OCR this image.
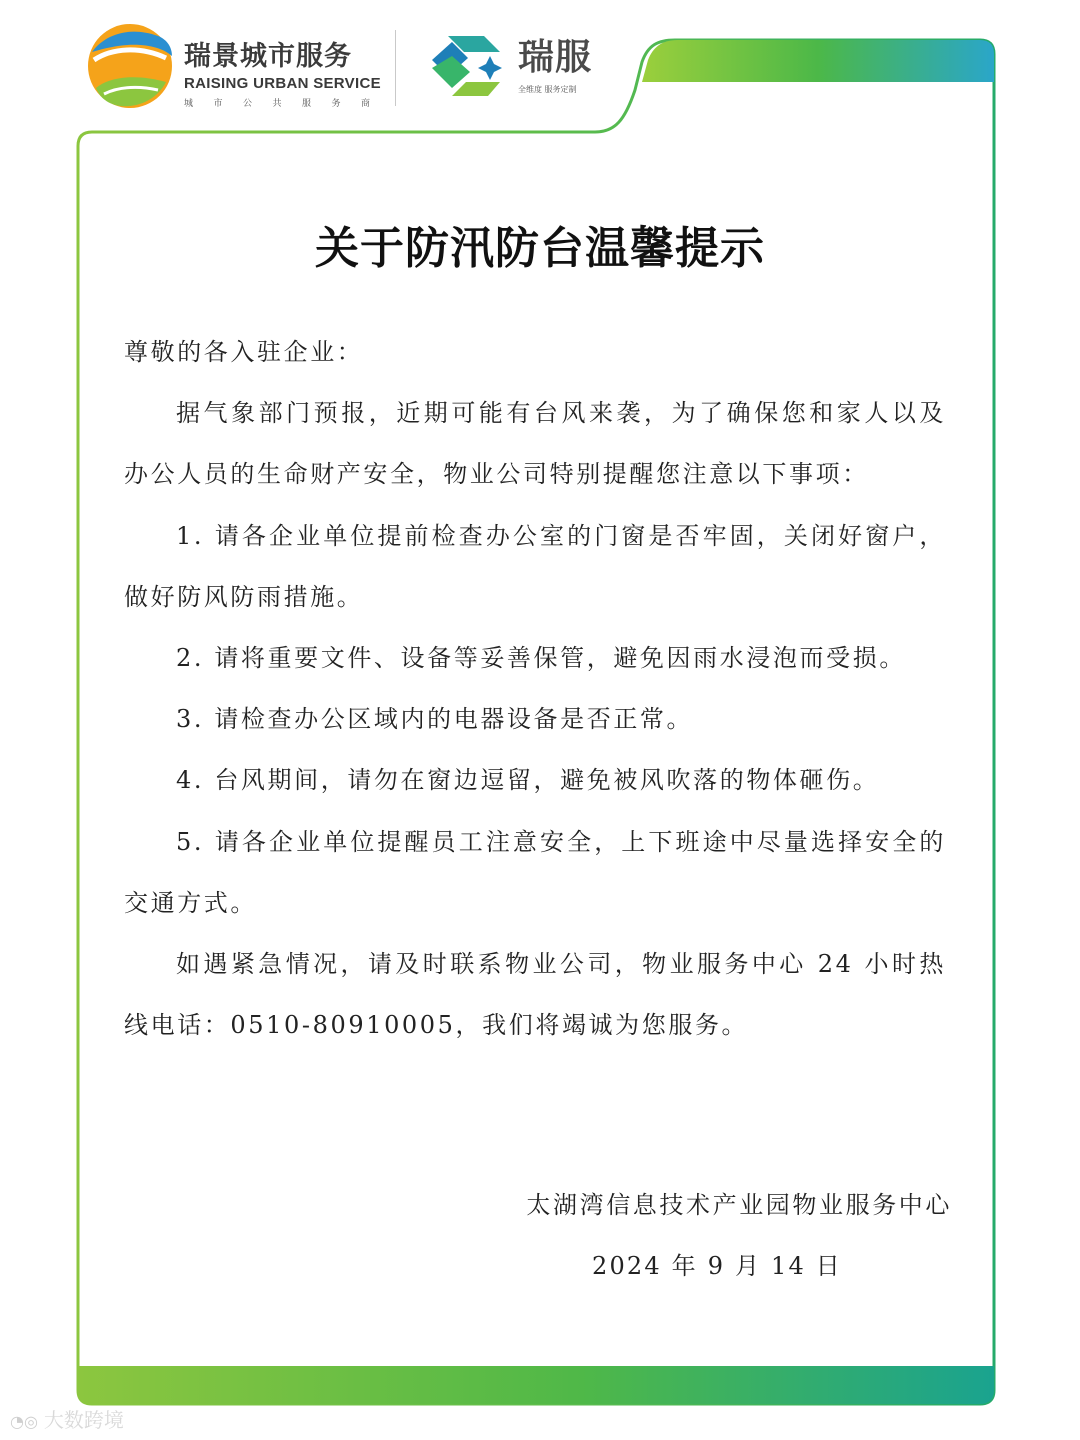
瑞景城市服务
RAISING URBAN SERVICE
城市公共服务商
瑞服
全维度 服务定制
关于防汛防台温馨提示

尊敬的各入驻企业：

据气象部门预报，近期可能有台风来袭，为了确保您和家人以及办公人员的生命财产安全，物业公司特别提醒您注意以下事项：

1. 请各企业单位提前检查办公室的门窗是否牢固，关闭好窗户，做好防风防雨措施。

2. 请将重要文件、设备等妥善保管，避免因雨水浸泡而受损。

3. 请检查办公区域内的电器设备是否正常。

4. 台风期间，请勿在窗边逗留，避免被风吹落的物体砸伤。

5. 请各企业单位提醒员工注意安全，上下班途中尽量选择安全的交通方式。

如遇紧急情况，请及时联系物业公司，物业服务中心 24 小时热线电话：0510-80910005，我们将竭诚为您服务。

太湖湾信息技术产业园物业服务中心
2024 年 9 月 14 日
◔◎ 大数跨境
